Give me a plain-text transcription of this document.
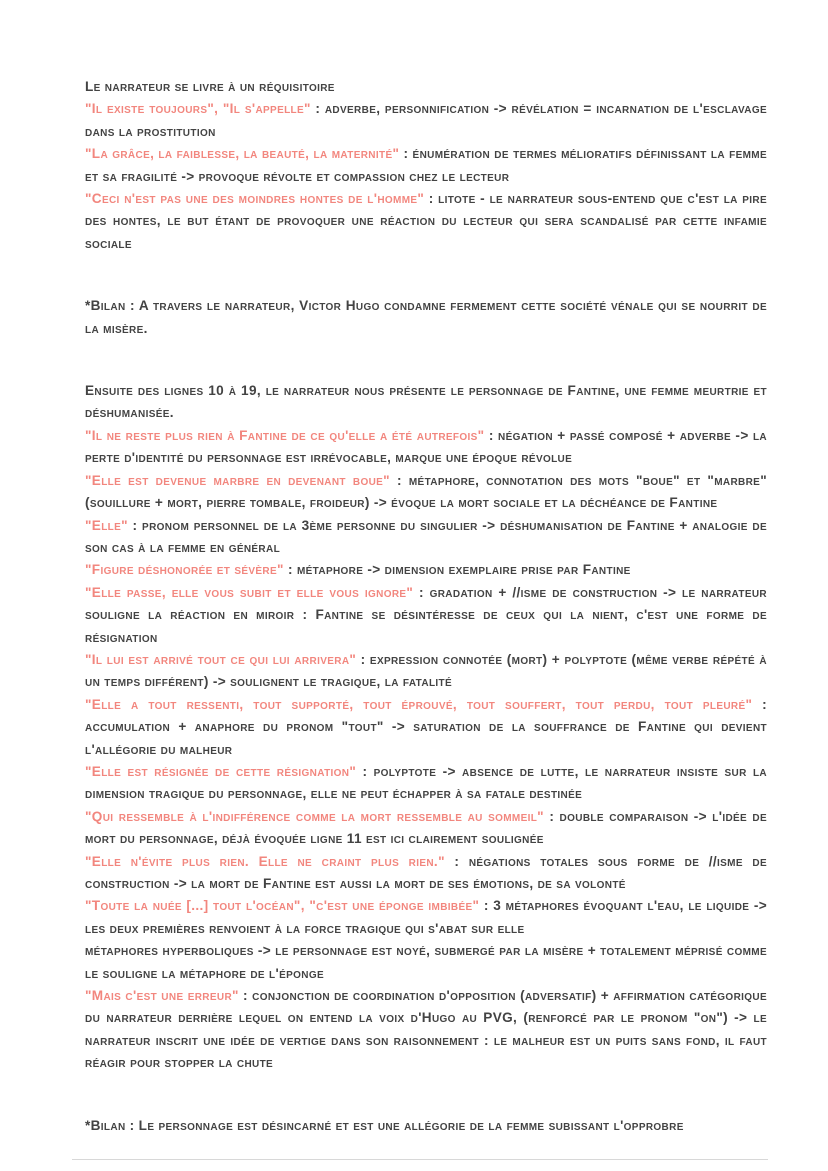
Le narrateur se livre à un réquisitoire

"Il existe toujours", "Il s'appelle" : adverbe, personnification -> révélation = incarnation de l'esclavage dans la prostitution

"La grâce, la faiblesse, la beauté, la maternité" : énumération de termes mélioratifs définissant la femme et sa fragilité -> provoque révolte et compassion chez le lecteur

"Ceci n'est pas une des moindres hontes de l'homme" : litote - le narrateur sous-entend que c'est la pire des hontes, le but étant de provoquer une réaction du lecteur qui sera scandalisé par cette infamie sociale

*Bilan : A travers le narrateur, Victor Hugo condamne fermement cette société vénale qui se nourrit de la misère.

Ensuite des lignes 10 à 19, le narrateur nous présente le personnage de Fantine, une femme meurtrie et déshumanisée.

"Il ne reste plus rien à Fantine de ce qu'elle a été autrefois" : négation + passé composé + adverbe -> la perte d'identité du personnage est irrévocable, marque une époque révolue

"Elle est devenue marbre en devenant boue" : métaphore, connotation des mots "boue" et "marbre" (souillure + mort, pierre tombale, froideur) -> évoque la mort sociale et la déchéance de Fantine

"Elle" : pronom personnel de la 3ème personne du singulier -> déshumanisation de Fantine + analogie de son cas à la femme en général

"Figure déshonorée et sévère" : métaphore -> dimension exemplaire prise par Fantine

"Elle passe, elle vous subit et elle vous ignore" : gradation + //isme de construction -> le narrateur souligne la réaction en miroir : Fantine se désintéresse de ceux qui la nient, c'est une forme de résignation

"Il lui est arrivé tout ce qui lui arrivera" : expression connotée (mort) + polyptote (même verbe répété à un temps différent) -> soulignent le tragique, la fatalité

"Elle a tout ressenti, tout supporté, tout éprouvé, tout souffert, tout perdu, tout pleuré" : accumulation + anaphore du pronom "tout" -> saturation de la souffrance de Fantine qui devient l'allégorie du malheur

"Elle est résignée de cette résignation" : polyptote -> absence de lutte, le narrateur insiste sur la dimension tragique du personnage, elle ne peut échapper à sa fatale destinée

"Qui ressemble à l'indifférence comme la mort ressemble au sommeil" : double comparaison -> l'idée de mort du personnage, déjà évoquée ligne 11 est ici clairement soulignée

"Elle n'évite plus rien. Elle ne craint plus rien." : négations totales sous forme de //isme de construction -> la mort de Fantine est aussi la mort de ses émotions, de sa volonté

"Toute la nuée [...] tout l'océan", "c'est une éponge imbibée" : 3 métaphores évoquant l'eau, le liquide -> les deux premières renvoient à la force tragique qui s'abat sur elle

métaphores hyperboliques -> le personnage est noyé, submergé par la misère + totalement méprisé comme le souligne la métaphore de l'éponge

"Mais c'est une erreur" : conjonction de coordination d'opposition (adversatif) + affirmation catégorique du narrateur derrière lequel on entend la voix d'Hugo au PVG, (renforcé par le pronom "on") -> le narrateur inscrit une idée de vertige dans son raisonnement : le malheur est un puits sans fond, il faut réagir pour stopper la chute

*Bilan : Le personnage est désincarné et est une allégorie de la femme subissant l'opprobre
